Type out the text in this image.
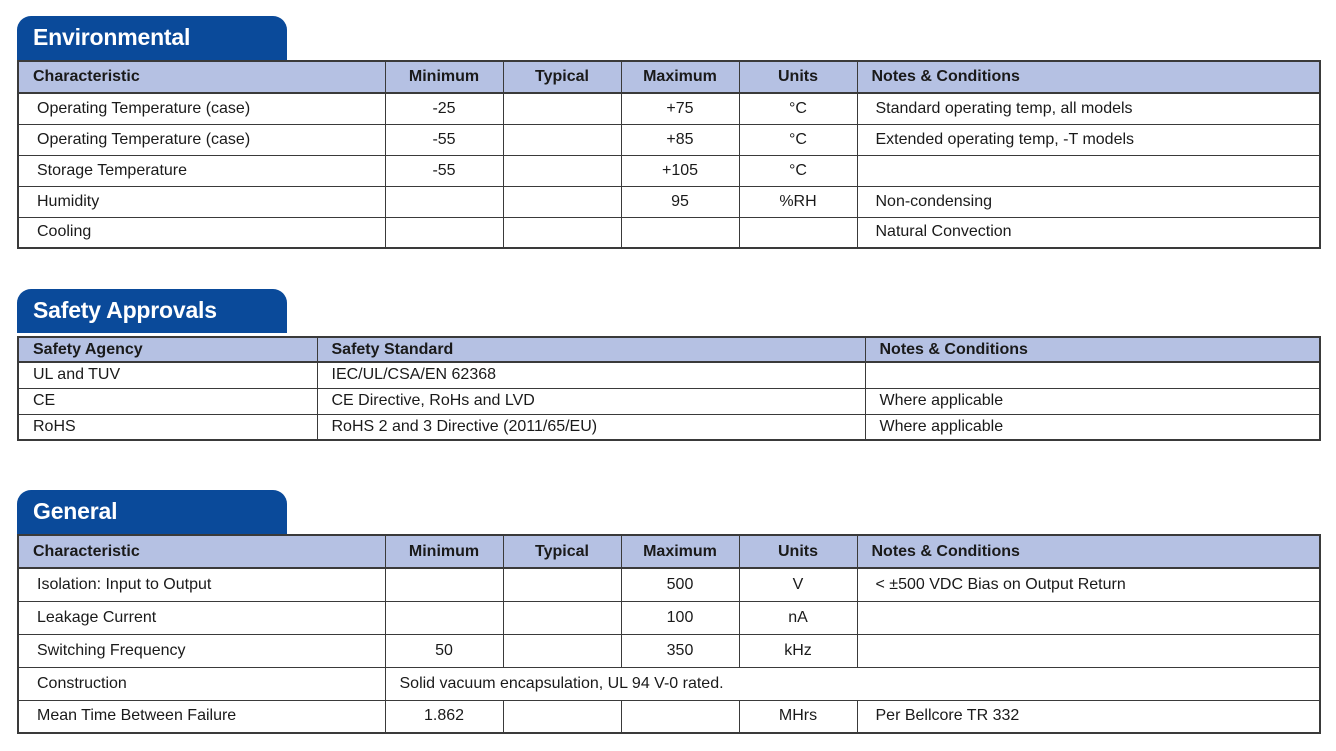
Environmental
Characteristic	Minimum	Typical	Maximum	Units	Notes & Conditions
Operating Temperature (case)	-25		+75	°C	Standard operating temp, all models
Operating Temperature (case)	-55		+85	°C	Extended operating temp, -T models
Storage Temperature	-55		+105	°C	
Humidity			95	%RH	Non-condensing
Cooling					Natural Convection
Safety Approvals
Safety Agency	Safety Standard	Notes & Conditions
UL and TUV	IEC/UL/CSA/EN 62368	
CE	CE Directive, RoHs and LVD	Where applicable
RoHS	RoHS 2 and 3 Directive (2011/65/EU)	Where applicable
General
Characteristic	Minimum	Typical	Maximum	Units	Notes & Conditions
Isolation: Input to Output			500	V	< ±500 VDC Bias on Output Return
Leakage Current			100	nA	
Switching Frequency	50		350	kHz	
Construction	Solid vacuum encapsulation, UL 94 V-0 rated.				
Mean Time Between Failure	1.862			MHrs	Per Bellcore TR 332
